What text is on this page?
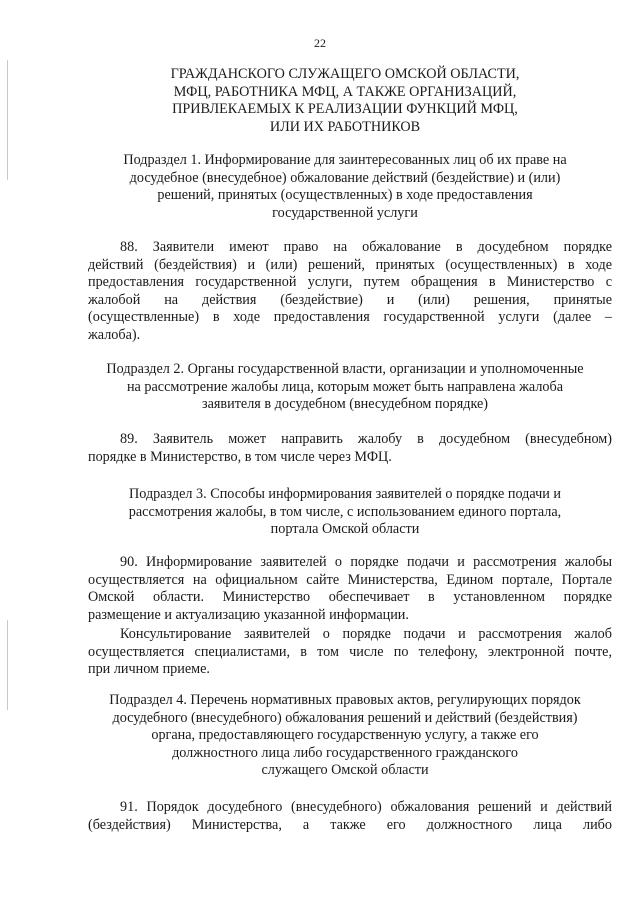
22
ГРАЖДАНСКОГО СЛУЖАЩЕГО ОМСКОЙ ОБЛАСТИ,
МФЦ, РАБОТНИКА МФЦ, А ТАКЖЕ ОРГАНИЗАЦИЙ,
ПРИВЛЕКАЕМЫХ К РЕАЛИЗАЦИИ ФУНКЦИЙ МФЦ,
ИЛИ ИХ РАБОТНИКОВ
Подраздел 1. Информирование для заинтересованных лиц об их праве на
досудебное (внесудебное) обжалование действий (бездействие) и (или)
решений, принятых (осуществленных) в ходе предоставления
государственной услуги
88. Заявители имеют право на обжалование в досудебном порядке
действий (бездействия) и (или) решений, принятых (осуществленных) в ходе
предоставления государственной услуги, путем обращения в Министерство с
жалобой на действия (бездействие) и (или) решения, принятые
(осуществленные) в ходе предоставления государственной услуги (далее –
жалоба).
Подраздел 2. Органы государственной власти, организации и уполномоченные
на рассмотрение жалобы лица, которым может быть направлена жалоба
заявителя в досудебном (внесудебном порядке)
89. Заявитель может направить жалобу в досудебном (внесудебном)
порядке в Министерство, в том числе через МФЦ.
Подраздел 3. Способы информирования заявителей о порядке подачи и
рассмотрения жалобы, в том числе, с использованием единого портала,
портала Омской области
90. Информирование заявителей о порядке подачи и рассмотрения жалобы
осуществляется на официальном сайте Министерства, Едином портале, Портале
Омской области. Министерство обеспечивает в установленном порядке
размещение и актуализацию указанной информации.
Консультирование заявителей о порядке подачи и рассмотрения жалоб
осуществляется специалистами, в том числе по телефону, электронной почте,
при личном приеме.
Подраздел 4. Перечень нормативных правовых актов, регулирующих порядок
досудебного (внесудебного) обжалования решений и действий (бездействия)
органа, предоставляющего государственную услугу, а также его
должностного лица либо государственного гражданского
служащего Омской области
91. Порядок досудебного (внесудебного) обжалования решений и действий
(бездействия) Министерства, а также его должностного лица либо
